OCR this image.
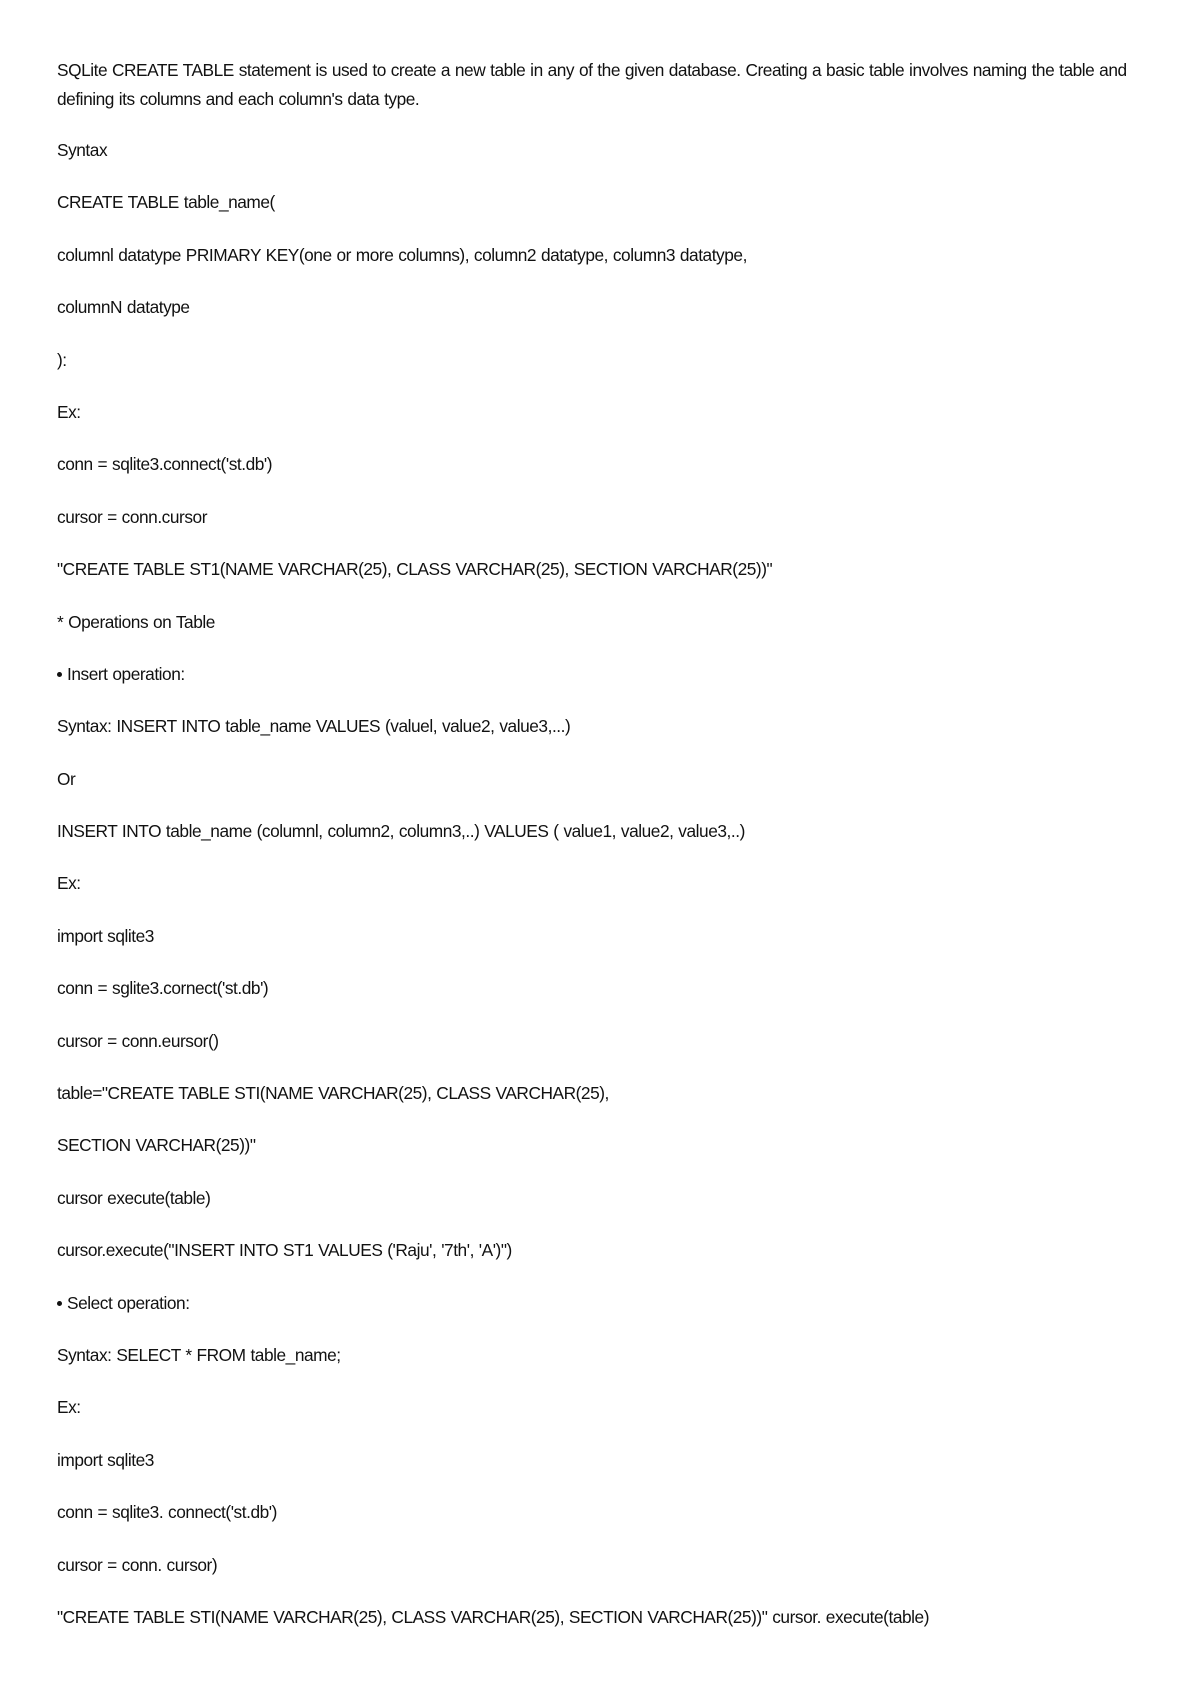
SQLite CREATE TABLE statement is used to create a new table in any of the given database. Creating a basic table involves naming the table and defining its columns and each column's data type.

Syntax

CREATE TABLE table_name(

columnl datatype PRIMARY KEY(one or more columns), column2 datatype, column3 datatype,

columnN datatype

):

Ex:

conn = sqlite3.connect('st.db')

cursor = conn.cursor

"CREATE TABLE ST1(NAME VARCHAR(25), CLASS VARCHAR(25), SECTION VARCHAR(25))"

* Operations on Table

Insert operation:

Syntax: INSERT INTO table_name VALUES (valuel, value2, value3,...)

Or

INSERT INTO table_name (columnl, column2, column3,..) VALUES ( value1, value2, value3,..)

Ex:

import sqlite3

conn = sglite3.cornect('st.db')

cursor = conn.eursor()

table="CREATE TABLE STI(NAME VARCHAR(25), CLASS VARCHAR(25),

SECTION VARCHAR(25))"

cursor execute(table)

cursor.execute("INSERT INTO ST1 VALUES ('Raju', '7th', 'A')")

Select operation:

Syntax: SELECT * FROM table_name;

Ex:

import sqlite3

conn = sqlite3. connect('st.db')

cursor = conn. cursor)

"CREATE TABLE STI(NAME VARCHAR(25), CLASS VARCHAR(25), SECTION VARCHAR(25))" cursor. execute(table)
